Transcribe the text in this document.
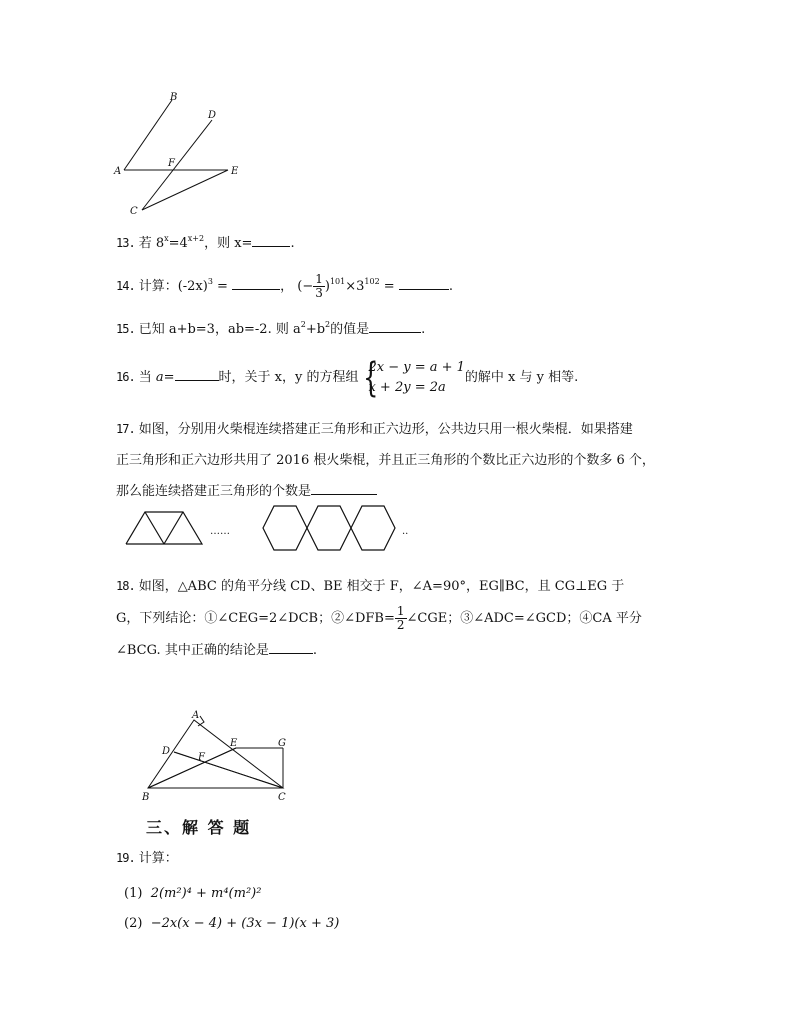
A
B
C
D
E
F
13. 若 $8^x=4^{x+2}$，则 x=	.
14. 计算：$(-2x)^3$ =	， (− $\frac{1}{3} )^{101}\times 3^{102}$ =	.
15. 已知 a+b=3，ab=-2. 则 $a^2+b^2$的值是	.
16. 当 a=	时，关于 x，y 的方程组 {
2x − y = a + 1
x + 2y = 2a
的解中 x 与 y 相等.
17. 如图，分别用火柴棍连续搭建正三角形和正六边形，公共边只用一根火柴棍．如果搭建
正三角形和正六边形共用了 2016 根火柴棍，并且正三角形的个数比正六边形的个数多 6 个，
那么能连续搭建正三角形的个数是
……	..
18. 如图，△ABC 的角平分线 CD、BE 相交于 F，∠A=90°，EG∥BC，且 CG⊥EG 于
G，下列结论：①∠CEG=2∠DCB；②∠DFB= $\frac{1}{2}$ ∠CGE；③∠ADC=∠GCD；④CA 平分
∠BCG. 其中正确的结论是	.
A
B	C
D
E
F
G
三、解 答 题
19. 计算：
(1) 2(m²)⁴ + m⁴(m²)²
(2) −2x(x − 4) + (3x − 1)(x + 3)
